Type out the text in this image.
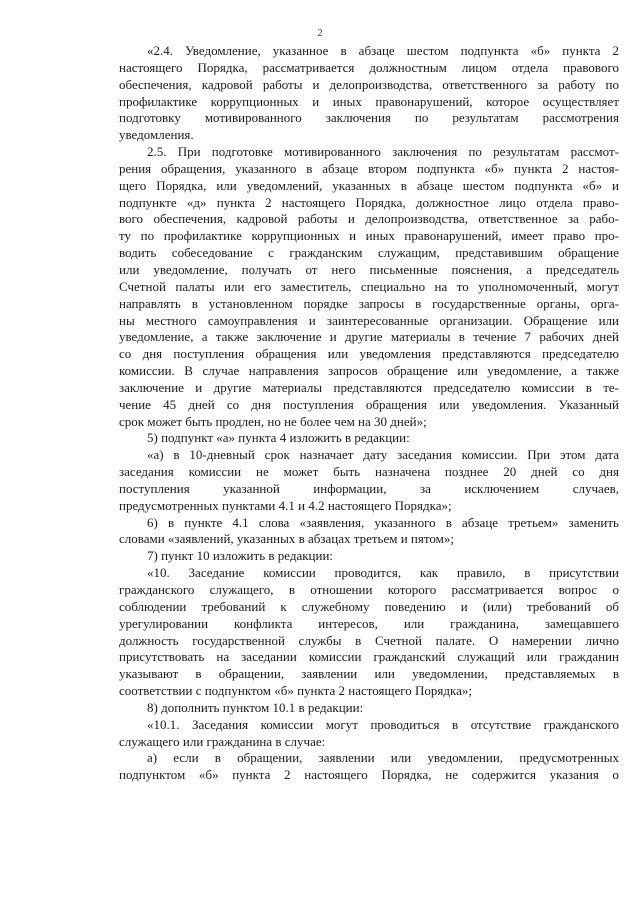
2
«2.4. Уведомление, указанное в абзаце шестом подпункта «б» пункта 2
настоящего Порядка, рассматривается должностным лицом отдела правового
обеспечения, кадровой работы и делопроизводства, ответственного за работу по
профилактике коррупционных и иных правонарушений, которое осуществляет
подготовку мотивированного заключения по результатам рассмотрения
уведомления.
2.5. При подготовке мотивированного заключения по результатам рассмот-
рения обращения, указанного в абзаце втором подпункта «б» пункта 2 настоя-
щего Порядка, или уведомлений, указанных в абзаце шестом подпункта «б» и
подпункте «д» пункта 2 настоящего Порядка, должностное лицо отдела право-
вого обеспечения, кадровой работы и делопроизводства, ответственное за рабо-
ту по профилактике коррупционных и иных правонарушений, имеет право про-
водить собеседование с гражданским служащим, представившим обращение
или уведомление, получать от него письменные пояснения, а председатель
Счетной палаты или его заместитель, специально на то уполномоченный, могут
направлять в установленном порядке запросы в государственные органы, орга-
ны местного самоуправления и заинтересованные организации. Обращение или
уведомление, а также заключение и другие материалы в течение 7 рабочих дней
со дня поступления обращения или уведомления представляются председателю
комиссии. В случае направления запросов обращение или уведомление, а также
заключение и другие материалы представляются председателю комиссии в те-
чение 45 дней со дня поступления обращения или уведомления. Указанный
срок может быть продлен, но не более чем на 30 дней»;
5) подпункт «а» пункта 4 изложить в редакции:
«а) в 10-дневный срок назначает дату заседания комиссии. При этом дата
заседания комиссии не может быть назначена позднее 20 дней со дня
поступления указанной информации, за исключением случаев,
предусмотренных пунктами 4.1 и 4.2 настоящего Порядка»;
6) в пункте 4.1 слова «заявления, указанного в абзаце третьем» заменить
словами «заявлений, указанных в абзацах третьем и пятом»;
7) пункт 10 изложить в редакции:
«10. Заседание комиссии проводится, как правило, в присутствии
гражданского служащего, в отношении которого рассматривается вопрос о
соблюдении требований к служебному поведению и (или) требований об
урегулировании конфликта интересов, или гражданина, замещавшего
должность государственной службы в Счетной палате. О намерении лично
присутствовать на заседании комиссии гражданский служащий или гражданин
указывают в обращении, заявлении или уведомлении, представляемых в
соответствии с подпунктом «б» пункта 2 настоящего Порядка»;
8) дополнить пунктом 10.1 в редакции:
«10.1. Заседания комиссии могут проводиться в отсутствие гражданского
служащего или гражданина в случае:
а) если в обращении, заявлении или уведомлении, предусмотренных
подпунктом «б» пункта 2 настоящего Порядка, не содержится указания о
